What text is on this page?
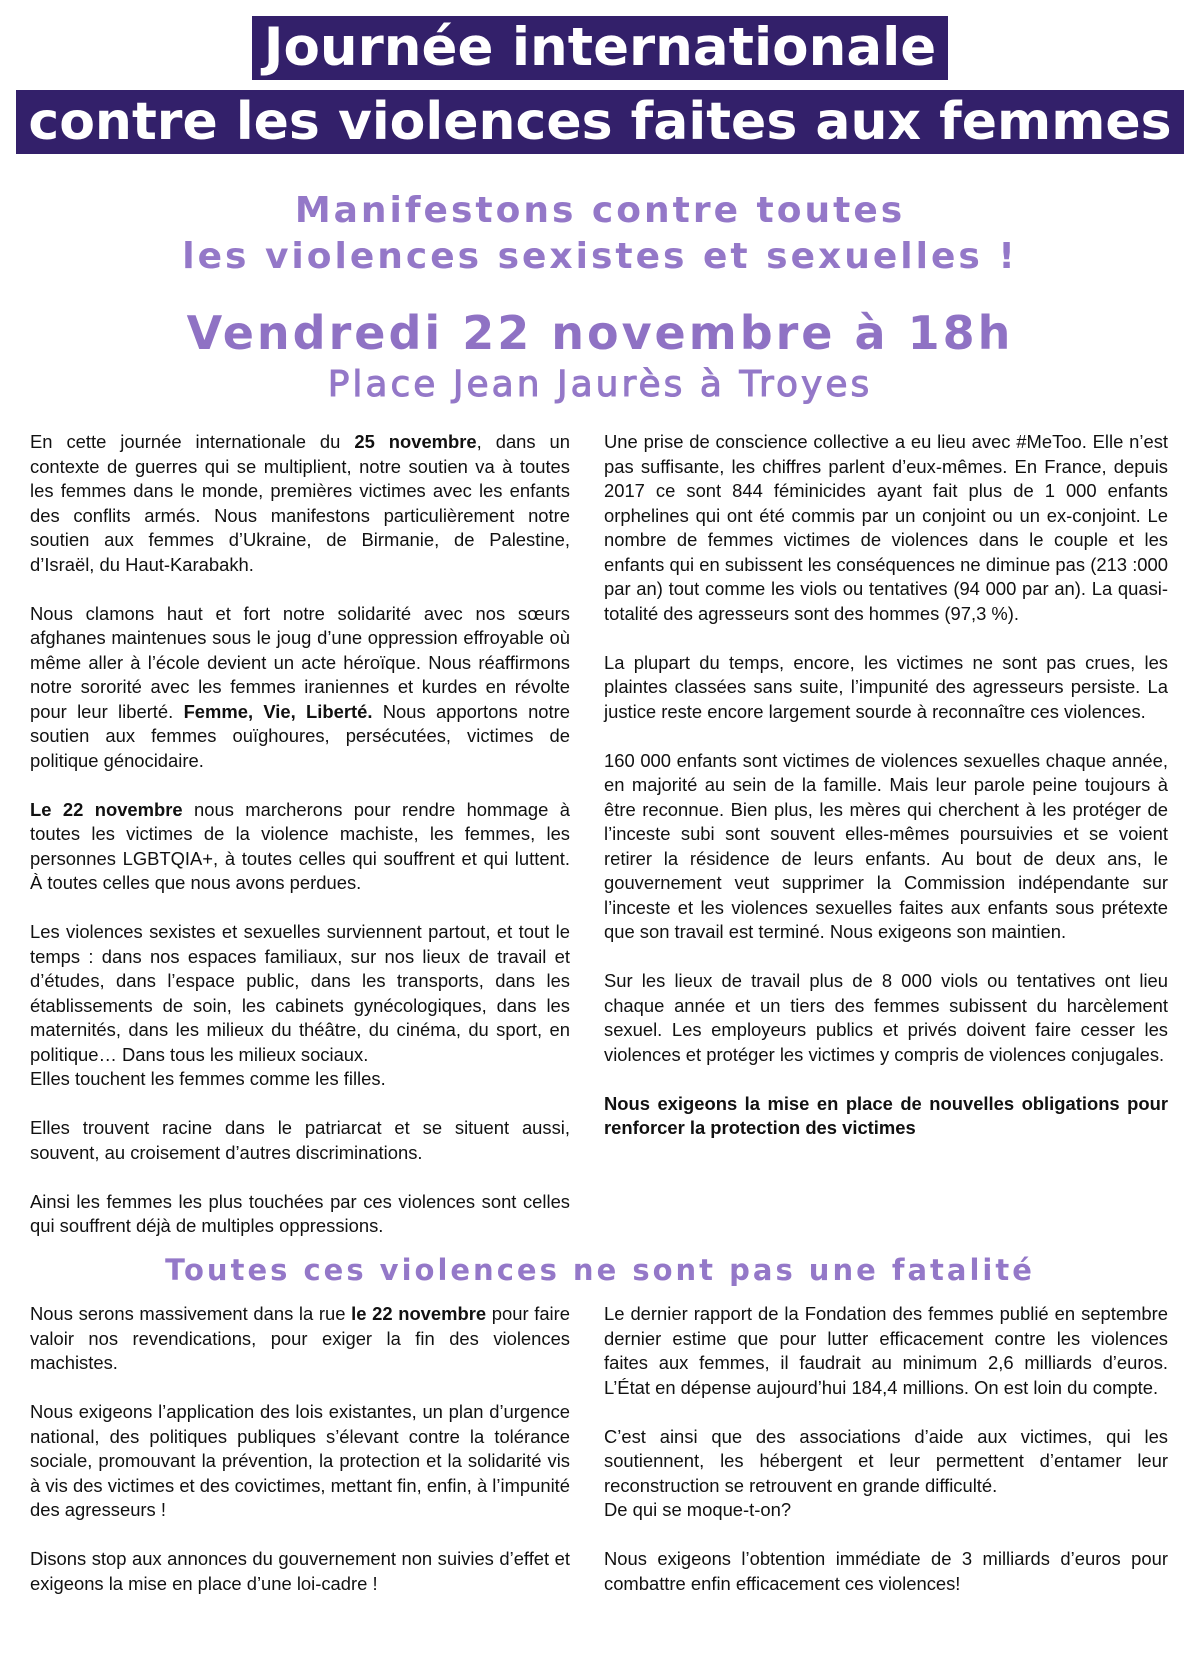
Journée internationale
contre les violences faites aux femmes
Manifestons contre toutes
les violences sexistes et sexuelles !
Vendredi 22 novembre à 18h
Place Jean Jaurès à Troyes

En cette journée internationale du 25 novembre, dans un contexte de guerres qui se multiplient, notre soutien va à toutes les femmes dans le monde, premières victimes avec les enfants des conflits armés. Nous manifestons particulièrement notre soutien aux femmes d’Ukraine, de Birmanie, de Palestine, d’Israël, du Haut-Karabakh.

Nous clamons haut et fort notre solidarité avec nos sœurs afghanes maintenues sous le joug d’une oppression effroyable où même aller à l’école devient un acte héroïque. Nous réaffirmons notre sororité avec les femmes iraniennes et kurdes en révolte pour leur liberté. Femme, Vie, Liberté. Nous apportons notre soutien aux femmes ouïghoures, persécutées, victimes de politique génocidaire.

Le 22 novembre nous marcherons pour rendre hommage à toutes les victimes de la violence machiste, les femmes, les personnes LGBTQIA+, à toutes celles qui souffrent et qui luttent. À toutes celles que nous avons perdues.

Les violences sexistes et sexuelles surviennent partout, et tout le temps : dans nos espaces familiaux, sur nos lieux de travail et d’études, dans l’espace public, dans les transports, dans les établissements de soin, les cabinets gynécologiques, dans les maternités, dans les milieux du théâtre, du cinéma, du sport, en politique… Dans tous les milieux sociaux.

Elles touchent les femmes comme les filles.

Elles trouvent racine dans le patriarcat et se situent aussi, souvent, au croisement d’autres discriminations.

Ainsi les femmes les plus touchées par ces violences sont celles qui souffrent déjà de multiples oppressions.

Une prise de conscience collective a eu lieu avec #MeToo. Elle n’est pas suffisante, les chiffres parlent d’eux-mêmes. En France, depuis 2017 ce sont 844 féminicides ayant fait plus de 1 000 enfants orphelines qui ont été commis par un conjoint ou un ex-conjoint. Le nombre de femmes victimes de violences dans le couple et les enfants qui en subissent les conséquences ne diminue pas (213 :000 par an) tout comme les viols ou tentatives (94 000 par an). La quasi-totalité des agresseurs sont des hommes (97,3 %).

La plupart du temps, encore, les victimes ne sont pas crues, les plaintes classées sans suite, l’impunité des agresseurs persiste. La justice reste encore largement sourde à reconnaître ces violences.

160 000 enfants sont victimes de violences sexuelles chaque année, en majorité au sein de la famille. Mais leur parole peine toujours à être reconnue. Bien plus, les mères qui cherchent à les protéger de l’inceste subi sont souvent elles-mêmes poursuivies et se voient retirer la résidence de leurs enfants. Au bout de deux ans, le gouvernement veut supprimer la Commission indépendante sur l’inceste et les violences sexuelles faites aux enfants sous prétexte que son travail est terminé. Nous exigeons son maintien.

Sur les lieux de travail plus de 8 000 viols ou tentatives ont lieu chaque année et un tiers des femmes subissent du harcèlement sexuel. Les employeurs publics et privés doivent faire cesser les violences et protéger les victimes y compris de violences conjugales.

Nous exigeons la mise en place de nouvelles obligations pour renforcer la protection des victimes

Toutes ces violences ne sont pas une fatalité

Nous serons massivement dans la rue le 22 novembre pour faire valoir nos revendications, pour exiger la fin des violences machistes.

Nous exigeons l’application des lois existantes, un plan d’urgence national, des politiques publiques s’élevant contre la tolérance sociale, promouvant la prévention, la protection et la solidarité vis à vis des victimes et des covictimes, mettant fin, enfin, à l’impunité des agresseurs !

Disons stop aux annonces du gouvernement non suivies d’effet et exigeons la mise en place d’une loi-cadre !

Le dernier rapport de la Fondation des femmes publié en septembre dernier estime que pour lutter efficacement contre les violences faites aux femmes, il faudrait au minimum 2,6 milliards d’euros. L’État en dépense aujourd’hui 184,4 millions. On est loin du compte.

C’est ainsi que des associations d’aide aux victimes, qui les soutiennent, les hébergent et leur permettent d’entamer leur reconstruction se retrouvent en grande difficulté.

De qui se moque-t-on?

Nous exigeons l’obtention immédiate de 3 milliards d’euros pour combattre enfin efficacement ces violences!
